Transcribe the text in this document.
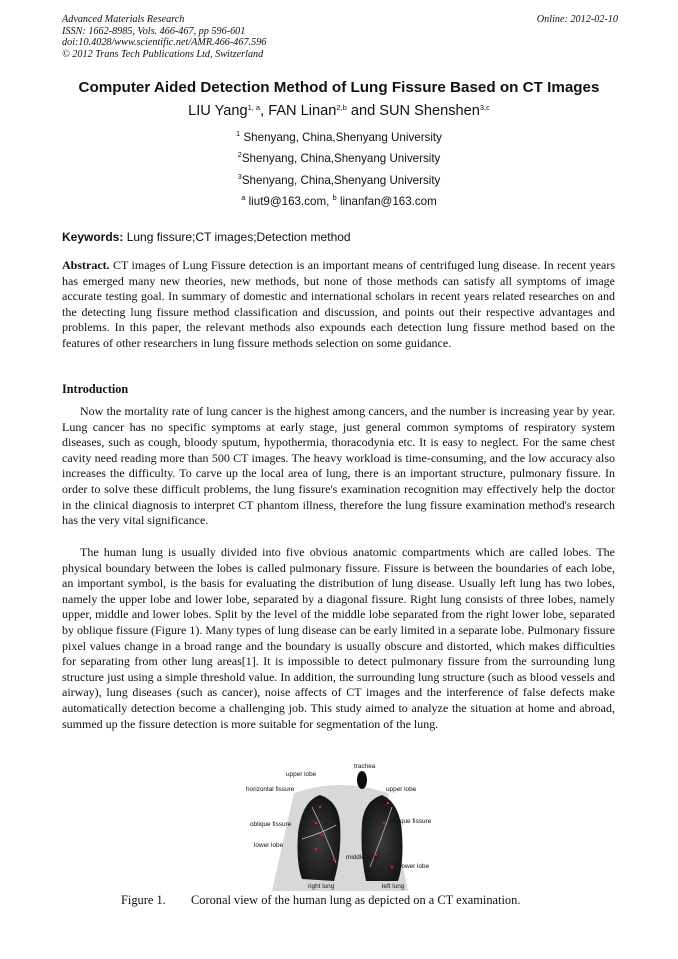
Advanced Materials Research
ISSN: 1662-8985, Vols. 466-467, pp 596-601
doi:10.4028/www.scientific.net/AMR.466-467.596
© 2012 Trans Tech Publications Ltd, Switzerland
Online: 2012-02-10
Computer Aided Detection Method of Lung Fissure Based on CT Images
LIU Yang$^{1, a}$, FAN Linan$^{2,b}$ and SUN Shenshen$^{3,c}$
$^1$ Shenyang, China,Shenyang University
$^2$Shenyang, China,Shenyang University
$^3$Shenyang, China,Shenyang University
$^a$ liut9@163.com, $^b$ linanfan@163.com
Keywords: Lung fissure;CT images;Detection method

Abstract. CT images of Lung Fissure detection is an important means of centrifuged lung disease. In recent years has emerged many new theories, new methods, but none of those methods can satisfy all symptoms of image accurate testing goal. In summary of domestic and international scholars in recent years related researches on and the detecting lung fissure method classification and discussion, and points out their respective advantages and problems. In this paper, the relevant methods also expounds each detection lung fissure method based on the features of other researchers in lung fissure methods selection on some guidance.

Introduction

Now the mortality rate of lung cancer is the highest among cancers, and the number is increasing year by year. Lung cancer has no specific symptoms at early stage, just general common symptoms of respiratory system diseases, such as cough, bloody sputum, hypothermia, thoracodynia etc. It is easy to neglect. For the same chest cavity need reading more than 500 CT images. The heavy workload is time-consuming, and the low accuracy also increases the difficulty. To carve up the local area of lung, there is an important structure, pulmonary fissure. In order to solve these difficult problems, the lung fissure's examination recognition may effectively help the doctor in the clinical diagnosis to interpret CT phantom illness, therefore the lung fissure examination method's research has the very vital significance.

The human lung is usually divided into five obvious anatomic compartments which are called lobes. The physical boundary between the lobes is called pulmonary fissure. Fissure is between the boundaries of each lobe, an important symbol, is the basis for evaluating the distribution of lung disease. Usually left lung has two lobes, namely the upper lobe and lower lobe, separated by a diagonal fissure. Right lung consists of three lobes, namely upper, middle and lower lobes. Split by the level of the middle lobe separated from the right lower lobe, separated by oblique fissure (Figure 1). Many types of lung disease can be early limited in a separate lobe. Pulmonary fissure pixel values change in a broad range and the boundary is usually obscure and distorted, which makes difficulties for separating from other lung areas[1]. It is impossible to detect pulmonary fissure from the surrounding lung structure just using a simple threshold value. In addition, the surrounding lung structure (such as blood vessels and airway), lung diseases (such as cancer), noise affects of CT images and the interference of false defects make automatically detection become a challenging job. This study aimed to analyze the situation at home and abroad, summed up the fissure detection is more suitable for segmentation of the lung.

trachea
upper lobe
horizontal fissure	upper lobe
oblique fissure	oblique fissure
lower lobe
middle lobe
lower lobe
right lung	left lung
Figure 1. Coronal view of the human lung as depicted on a CT examination.
